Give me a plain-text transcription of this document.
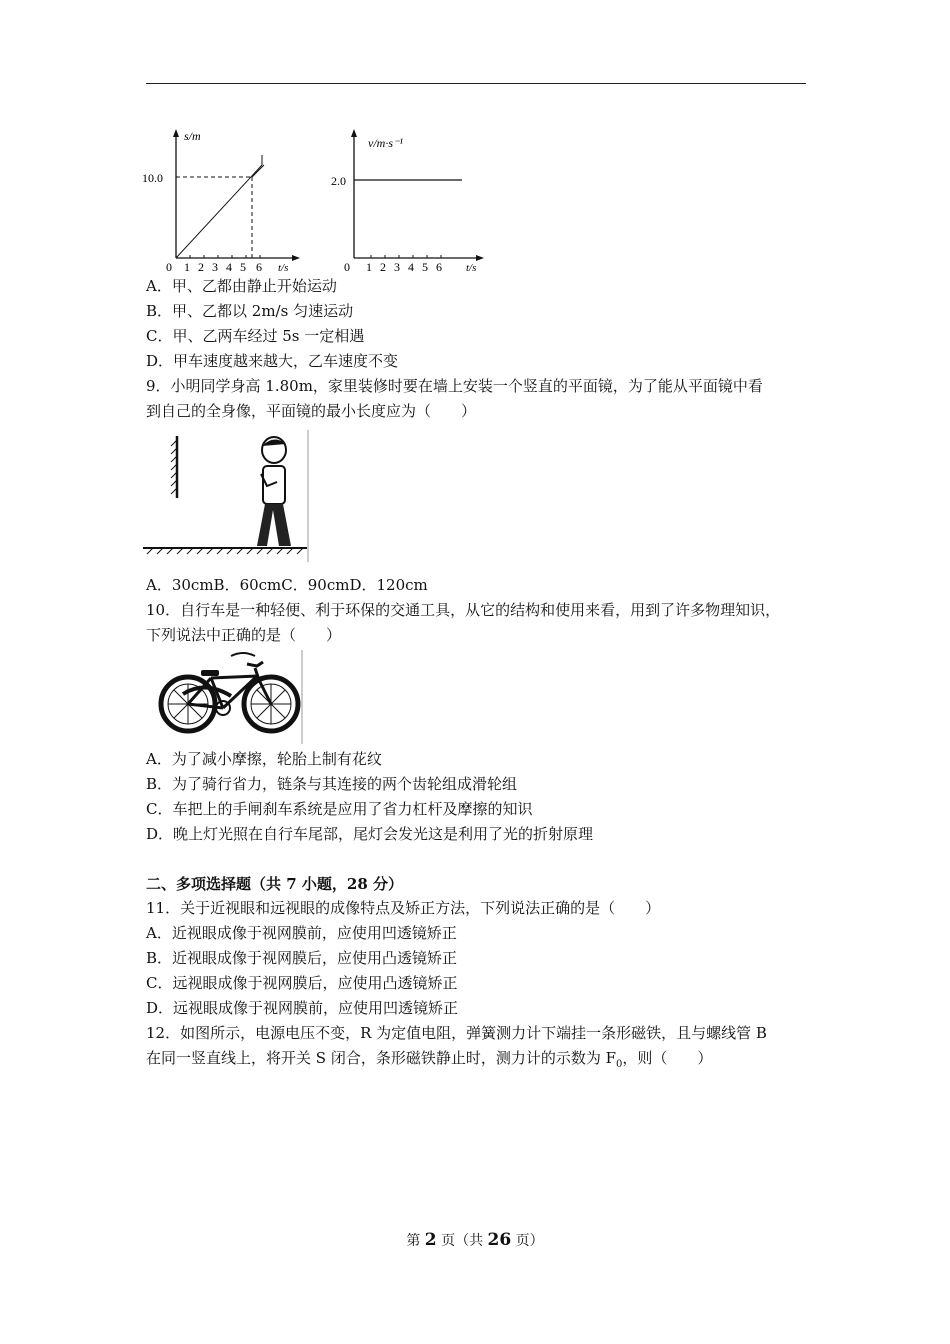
s/m
10.0
0 1 2 3 4 5 6 t/s
v/m·s⁻¹
2.0
0 1 2 3 4 5 6 t/s
A．甲、乙都由静止开始运动
B．甲、乙都以 2m/s 匀速运动
C．甲、乙两车经过 5s 一定相遇
D．甲车速度越来越大，乙车速度不变
9．小明同学身高 1.80m，家里装修时要在墙上安装一个竖直的平面镜，为了能从平面镜中看
到自己的全身像，平面镜的最小长度应为（　　）
A．30cmB．60cmC．90cmD．120cm
10．自行车是一种轻便、利于环保的交通工具，从它的结构和使用来看，用到了许多物理知识，
下列说法中正确的是（　　）
A．为了减小摩擦，轮胎上制有花纹
B．为了骑行省力，链条与其连接的两个齿轮组成滑轮组
C．车把上的手闸刹车系统是应用了省力杠杆及摩擦的知识
D．晚上灯光照在自行车尾部，尾灯会发光这是利用了光的折射原理
二、多项选择题（共 7 小题，28 分）
11．关于近视眼和远视眼的成像特点及矫正方法，下列说法正确的是（　　）
A．近视眼成像于视网膜前，应使用凹透镜矫正
B．近视眼成像于视网膜后，应使用凸透镜矫正
C．远视眼成像于视网膜后，应使用凸透镜矫正
D．远视眼成像于视网膜前，应使用凹透镜矫正
12．如图所示，电源电压不变，R 为定值电阻，弹簧测力计下端挂一条形磁铁，且与螺线管 B
在同一竖直线上，将开关 S 闭合，条形磁铁静止时，测力计的示数为 $F_0$，则（　　）
第 2 页（共 26 页）
